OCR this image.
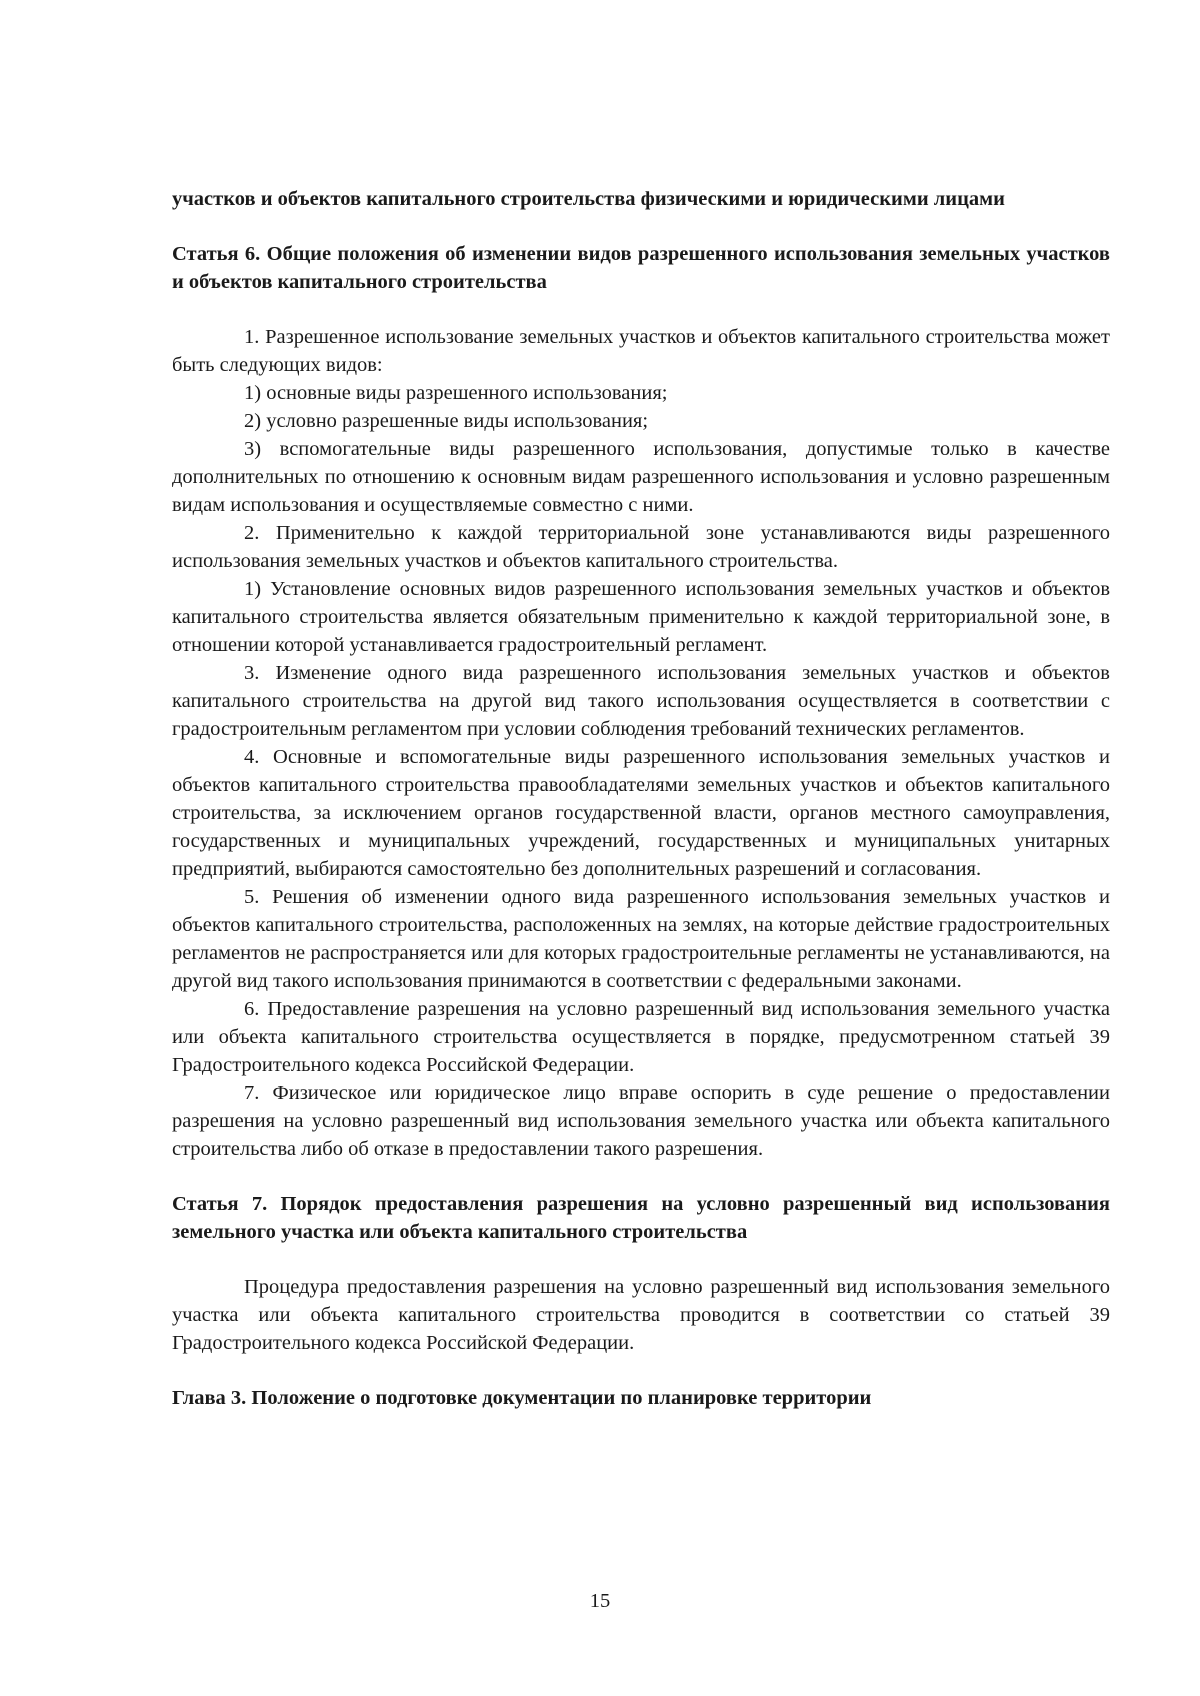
участков и объектов капитального строительства физическими и юридическими лицами

Статья 6. Общие положения об изменении видов разрешенного использования земельных участков и объектов капитального строительства

1. Разрешенное использование земельных участков и объектов капитального строительства может быть следующих видов:

1) основные виды разрешенного использования;

2) условно разрешенные виды использования;

3) вспомогательные виды разрешенного использования, допустимые только в качестве дополнительных по отношению к основным видам разрешенного использования и условно разрешенным видам использования и осуществляемые совместно с ними.

2. Применительно к каждой территориальной зоне устанавливаются виды разрешенного использования земельных участков и объектов капитального строительства.

1) Установление основных видов разрешенного использования земельных участков и объектов капитального строительства является обязательным применительно к каждой территориальной зоне, в отношении которой устанавливается градостроительный регламент.

3. Изменение одного вида разрешенного использования земельных участков и объектов капитального строительства на другой вид такого использования осуществляется в соответствии с градостроительным регламентом при условии соблюдения требований технических регламентов.

4. Основные и вспомогательные виды разрешенного использования земельных участков и объектов капитального строительства правообладателями земельных участков и объектов капитального строительства, за исключением органов государственной власти, органов местного самоуправления, государственных и муниципальных учреждений, государственных и муниципальных унитарных предприятий, выбираются самостоятельно без дополнительных разрешений и согласования.

5. Решения об изменении одного вида разрешенного использования земельных участков и объектов капитального строительства, расположенных на землях, на которые действие градостроительных регламентов не распространяется или для которых градостроительные регламенты не устанавливаются, на другой вид такого использования принимаются в соответствии с федеральными законами.

6. Предоставление разрешения на условно разрешенный вид использования земельного участка или объекта капитального строительства осуществляется в порядке, предусмотренном статьей 39 Градостроительного кодекса Российской Федерации.

7. Физическое или юридическое лицо вправе оспорить в суде решение о предоставлении разрешения на условно разрешенный вид использования земельного участка или объекта капитального строительства либо об отказе в предоставлении такого разрешения.

Статья 7. Порядок предоставления разрешения на условно разрешенный вид использования земельного участка или объекта капитального строительства

Процедура предоставления разрешения на условно разрешенный вид использования земельного участка или объекта капитального строительства проводится в соответствии со статьей 39 Градостроительного кодекса Российской Федерации.

Глава 3. Положение о подготовке документации по планировке территории

15
